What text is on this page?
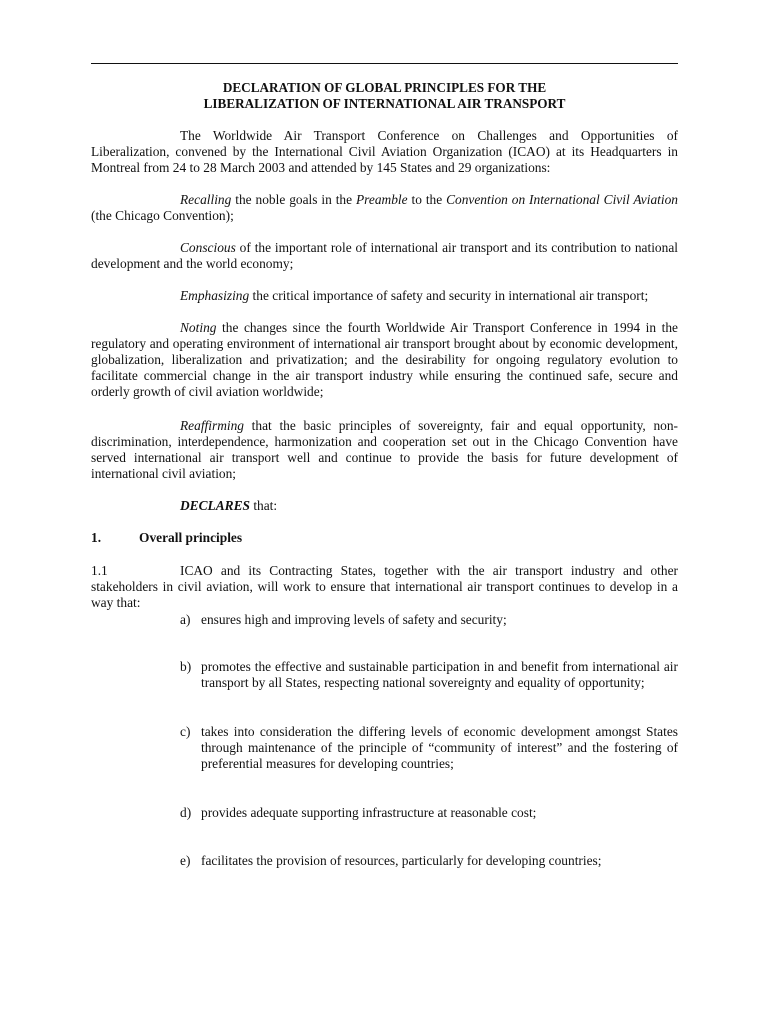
DECLARATION OF GLOBAL PRINCIPLES FOR THE
LIBERALIZATION OF INTERNATIONAL AIR TRANSPORT
The Worldwide Air Transport Conference on Challenges and Opportunities of Liberalization, convened by the International Civil Aviation Organization (ICAO) at its Headquarters in Montreal from 24 to 28 March 2003 and attended by 145 States and 29 organizations:
Recalling the noble goals in the Preamble to the Convention on International Civil Aviation (the Chicago Convention);
Conscious of the important role of international air transport and its contribution to national development and the world economy;
Emphasizing the critical importance of safety and security in international air transport;
Noting the changes since the fourth Worldwide Air Transport Conference in 1994 in the regulatory and operating environment of international air transport brought about by economic development, globalization, liberalization and privatization; and the desirability for ongoing regulatory evolution to facilitate commercial change in the air transport industry while ensuring the continued safe, secure and orderly growth of civil aviation worldwide;
Reaffirming that the basic principles of sovereignty, fair and equal opportunity, non-discrimination, interdependence, harmonization and cooperation set out in the Chicago Convention have served international air transport well and continue to provide the basis for future development of international civil aviation;
DECLARES that:
1.	Overall principles
1.1	ICAO and its Contracting States, together with the air transport industry and other stakeholders in civil aviation, will work to ensure that international air transport continues to develop in a way that:
a) ensures high and improving levels of safety and security;
b) promotes the effective and sustainable participation in and benefit from international air transport by all States, respecting national sovereignty and equality of opportunity;
c) takes into consideration the differing levels of economic development amongst States through maintenance of the principle of “community of interest” and the fostering of preferential measures for developing countries;
d) provides adequate supporting infrastructure at reasonable cost;
e) facilitates the provision of resources, particularly for developing countries;
